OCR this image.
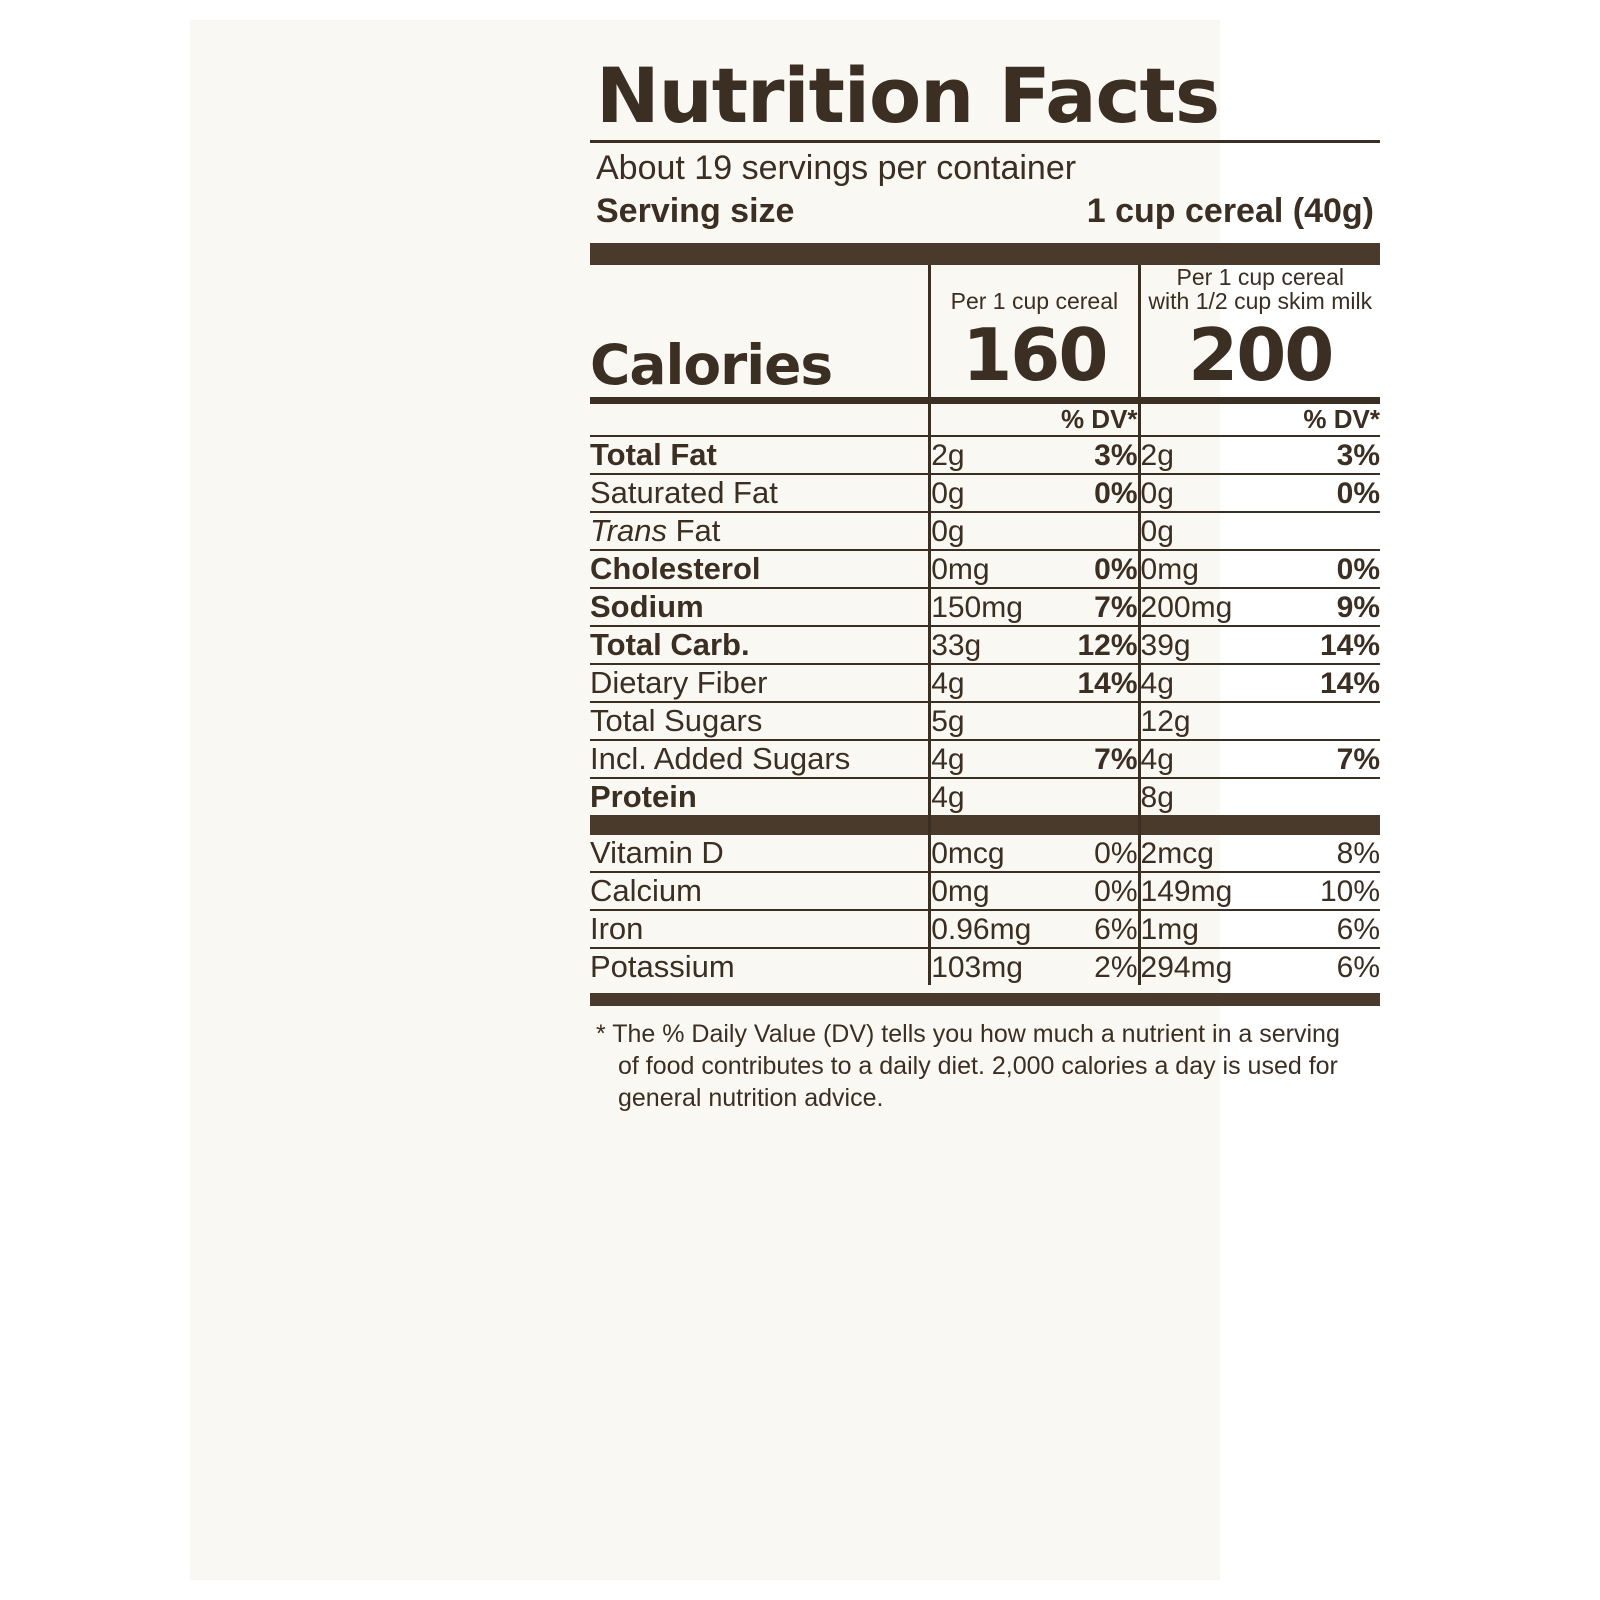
Nutrition Facts
About 19 servings per container
Serving size	1 cup cereal (40g)
	Per 1 cup cereal		Per 1 cup cereal
with 1/2 cup skim milk	

Calories	160		200	

		% DV*		% DV*
Total Fat	2g	3%	2g	3%
Saturated Fat	0g	0%	0g	0%
Trans Fat	0g		0g	
Cholesterol	0mg	0%	0mg	0%
Sodium	150mg	7%	200mg	9%
Total Carb.	33g	12%	39g	14%
Dietary Fiber	4g	14%	4g	14%
Total Sugars	5g		12g	
Incl. Added Sugars	4g	7%	4g	7%
Protein	4g		8g	

Vitamin D	0mcg	0%	2mcg	8%
Calcium	0mg	0%	149mg	10%
Iron	0.96mg	6%	1mg	6%
Potassium	103mg	2%	294mg	6%
* The % Daily Value (DV) tells you how much a nutrient in a serving
of food contributes to a daily diet. 2,000 calories a day is used for
general nutrition advice.
